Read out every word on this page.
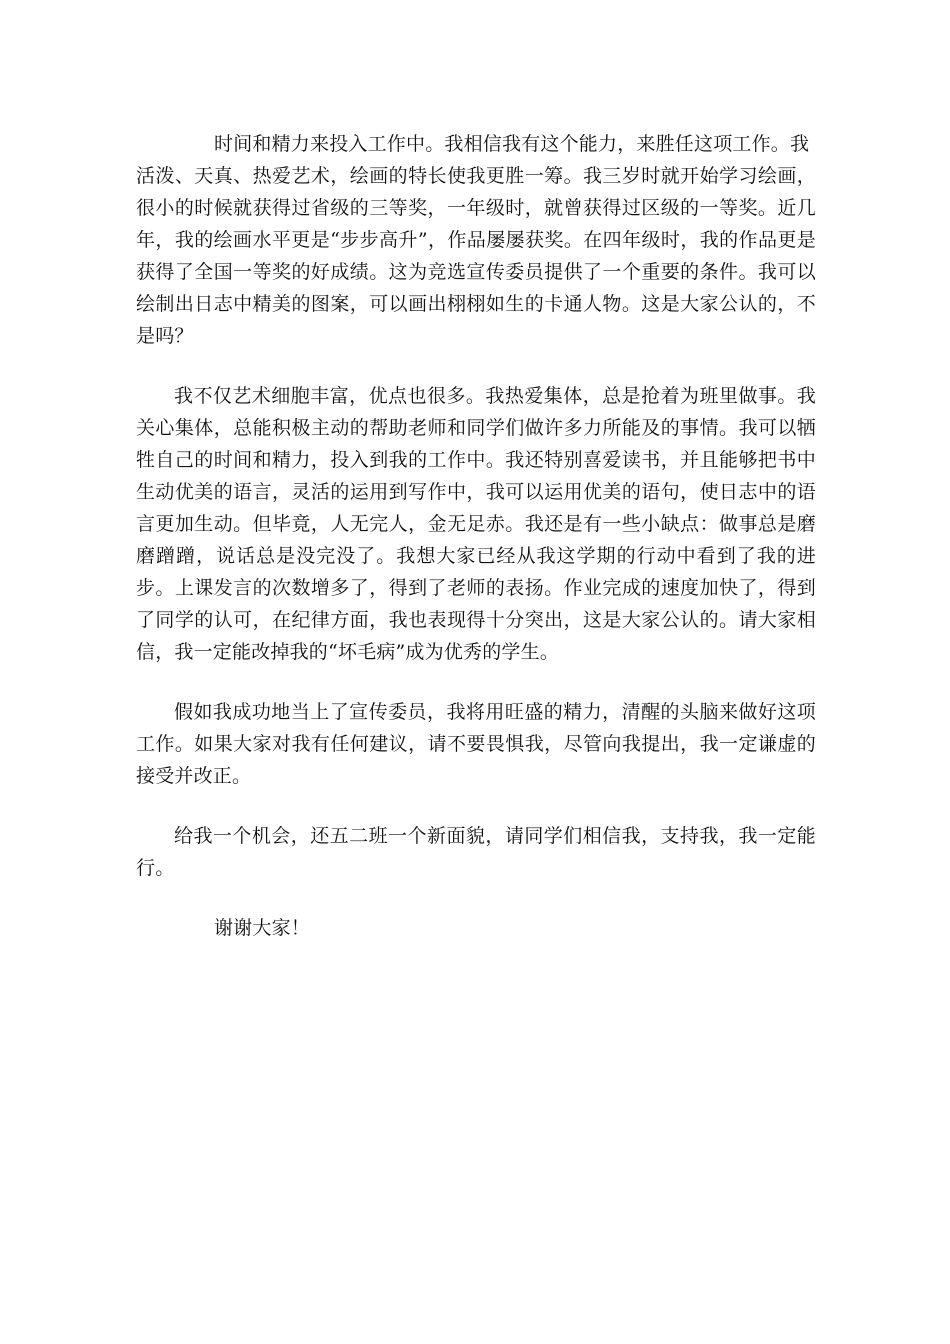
时间和精力来投入工作中。我相信我有这个能力，来胜任这项工作。我
活泼、天真、热爱艺术，绘画的特长使我更胜一筹。我三岁时就开始学习绘画，很小的时候就获得过省级的三等奖，一年级时，就曾获得过区级的一等奖。近几年，我的绘画水平更是“步步高升”，作品屡屡获奖。在四年级时，我的作品更是获得了全国一等奖的好成绩。这为竞选宣传委员提供了一个重要的条件。我可以绘制出日志中精美的图案，可以画出栩栩如生的卡通人物。这是大家公认的，不是吗？

我不仅艺术细胞丰富，优点也很多。我热爱集体，总是抢着为班里做事。我关心集体，总能积极主动的帮助老师和同学们做许多力所能及的事情。我可以牺牲自己的时间和精力，投入到我的工作中。我还特别喜爱读书，并且能够把书中生动优美的语言，灵活的运用到写作中，我可以运用优美的语句，使日志中的语言更加生动。但毕竟，人无完人，金无足赤。我还是有一些小缺点：做事总是磨磨蹭蹭，说话总是没完没了。我想大家已经从我这学期的行动中看到了我的进步。上课发言的次数增多了，得到了老师的表扬。作业完成的速度加快了，得到了同学的认可，在纪律方面，我也表现得十分突出，这是大家公认的。请大家相信，我一定能改掉我的“坏毛病”成为优秀的学生。

假如我成功地当上了宣传委员，我将用旺盛的精力，清醒的头脑来做好这项工作。如果大家对我有任何建议，请不要畏惧我，尽管向我提出，我一定谦虚的接受并改正。

给我一个机会，还五二班一个新面貌，请同学们相信我，支持我，我一定能行。

谢谢大家！
